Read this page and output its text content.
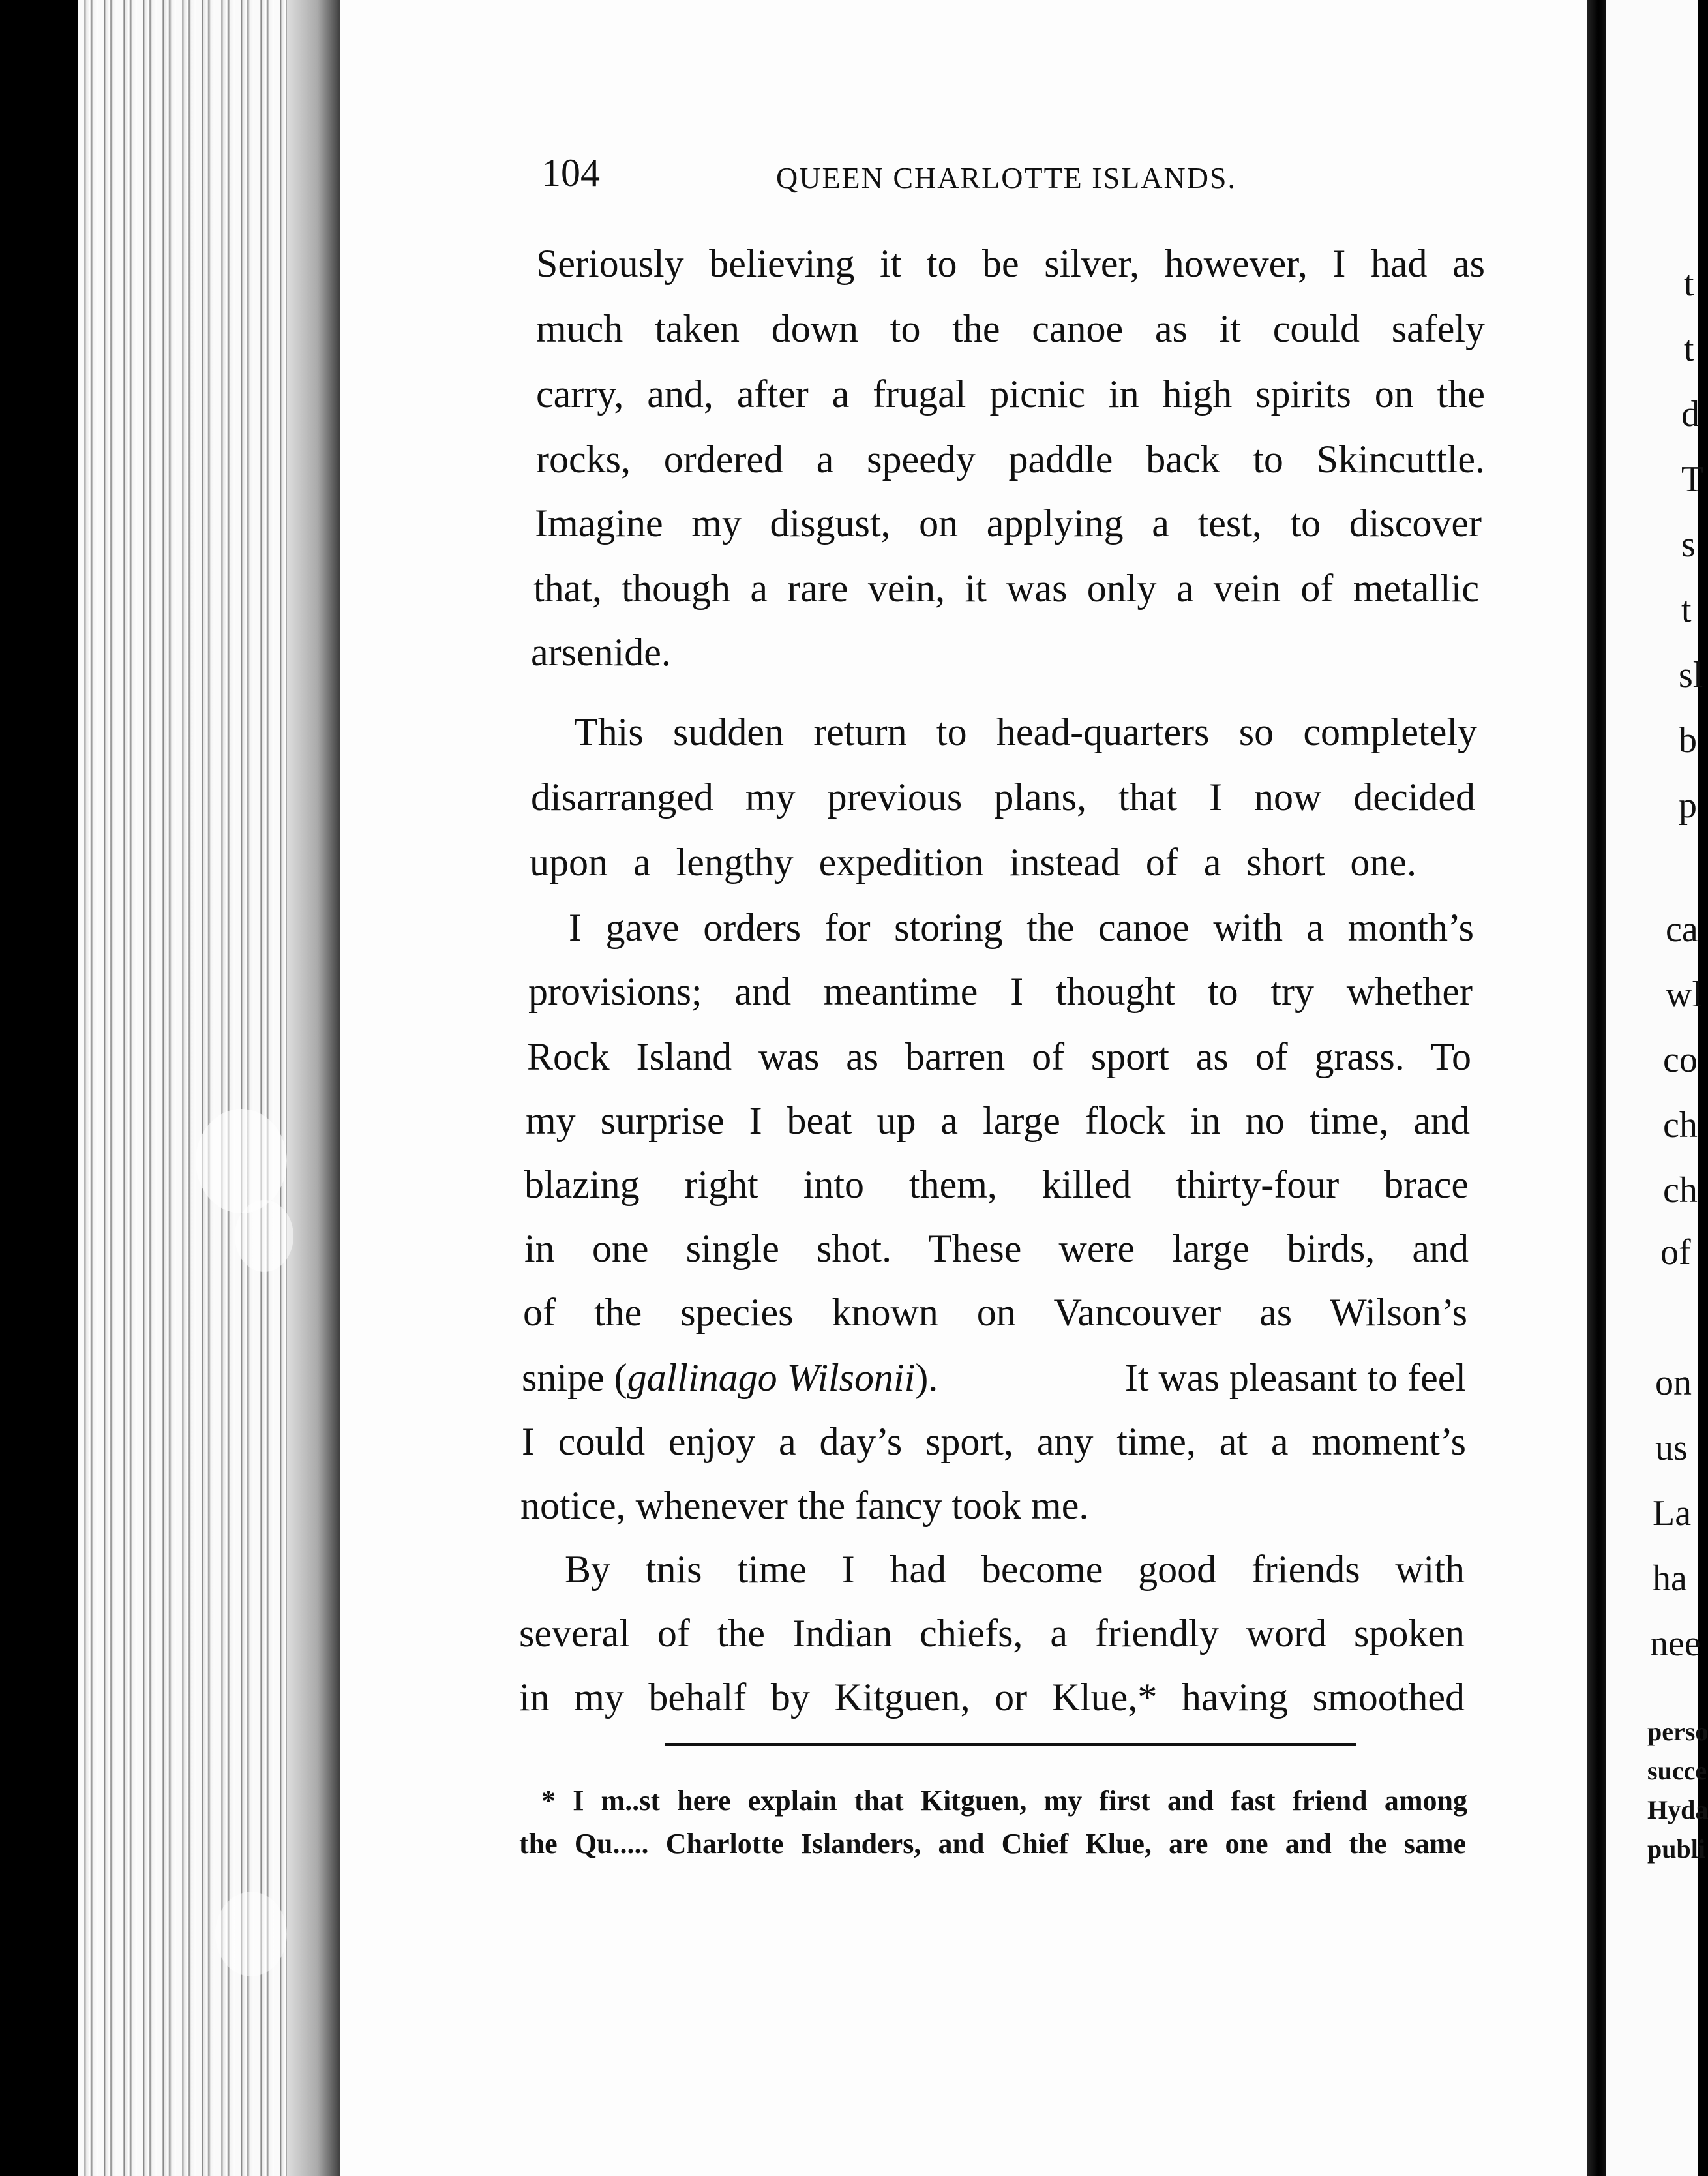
104	QUEEN CHARLOTTE ISLANDS.
Seriously believing it to be silver, however, I had as
much taken down to the canoe as it could safely
carry, and, after a frugal picnic in high spirits on the
rocks, ordered a speedy paddle back to Skincuttle.
Imagine my disgust, on applying a test, to discover
that, though a rare vein, it was only a vein of metallic
arsenide.
This sudden return to head-quarters so completely
disarranged my previous plans, that I now decided
upon a lengthy expedition instead of a short one.
I gave orders for storing the canoe with a month’s
provisions; and meantime I thought to try whether
Rock Island was as barren of sport as of grass. To
my surprise I beat up a large flock in no time, and
blazing right into them, killed thirty-four brace
in one single shot. These were large birds, and
of the species known on Vancouver as Wilson’s
snipe (gallinago Wilsonii).	It was pleasant to feel
I could enjoy a day’s sport, any time, at a moment’s
notice, whenever the fancy took me.
By tnis time I had become good friends with
several of the Indian chiefs, a friendly word spoken
in my behalf by Kitguen, or Klue,* having smoothed
* I m..st here explain that Kitguen, my first and fast friend among
the Qu..... Charlotte Islanders, and Chief Klue, are one and the same
t
t
d
T
s
t
sl
b
p
ca
wl
co
ch
ch
of
on
us
La
ha
nee
perso
succe
Hyda
publi
